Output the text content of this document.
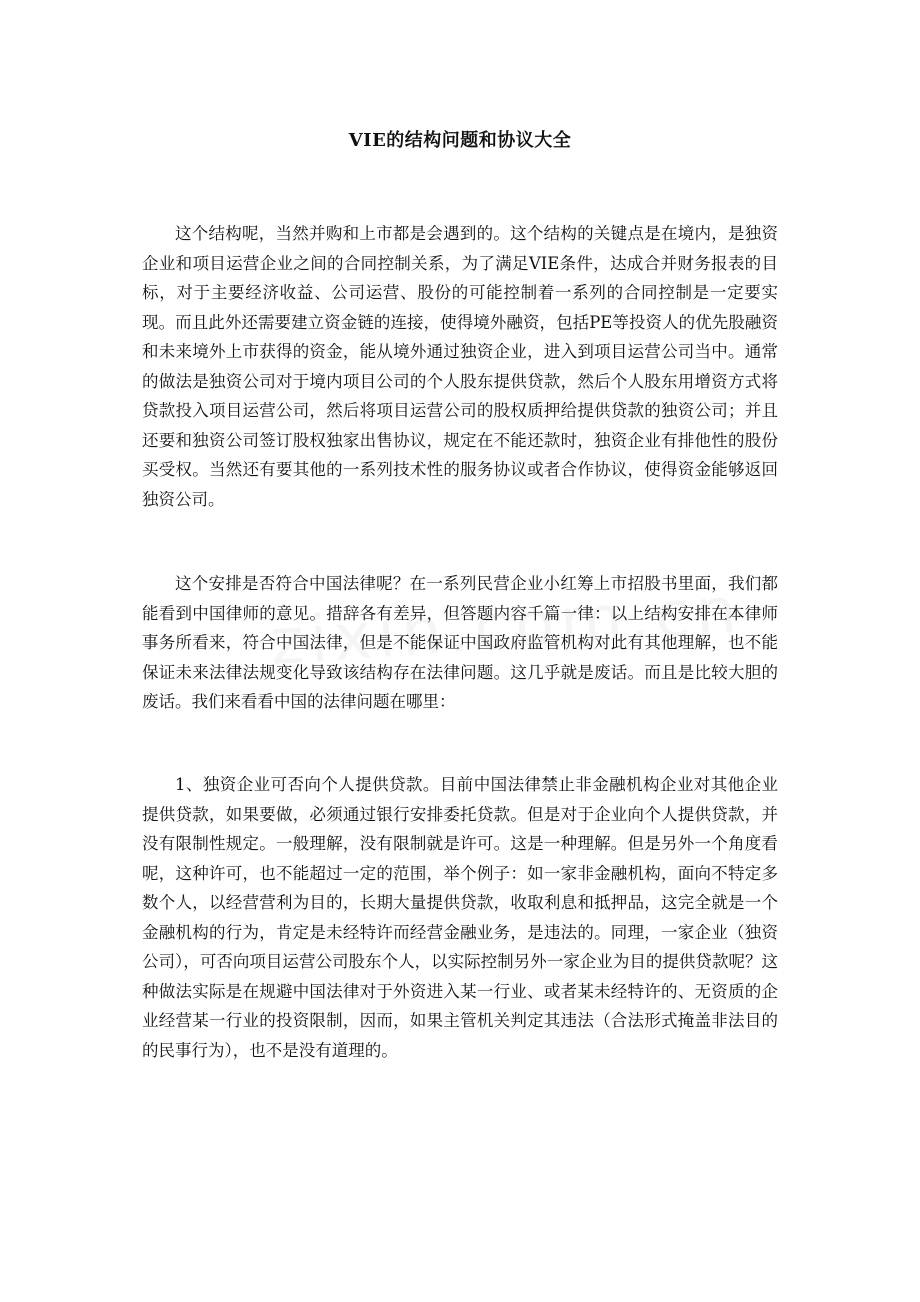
VIE的结构问题和协议大全

这个结构呢，当然并购和上市都是会遇到的。这个结构的关键点是在境内，是独资企业和项目运营企业之间的合同控制关系，为了满足VIE条件，达成合并财务报表的目标，对于主要经济收益、公司运营、股份的可能控制着一系列的合同控制是一定要实现。而且此外还需要建立资金链的连接，使得境外融资，包括PE等投资人的优先股融资和未来境外上市获得的资金，能从境外通过独资企业，进入到项目运营公司当中。通常的做法是独资公司对于境内项目公司的个人股东提供贷款，然后个人股东用增资方式将贷款投入项目运营公司，然后将项目运营公司的股权质押给提供贷款的独资公司；并且还要和独资公司签订股权独家出售协议，规定在不能还款时，独资企业有排他性的股份买受权。当然还有要其他的一系列技术性的服务协议或者合作协议，使得资金能够返回独资公司。

这个安排是否符合中国法律呢？在一系列民营企业小红筹上市招股书里面，我们都能看到中国律师的意见。措辞各有差异，但答题内容千篇一律：以上结构安排在本律师事务所看来，符合中国法律，但是不能保证中国政府监管机构对此有其他理解，也不能保证未来法律法规变化导致该结构存在法律问题。这几乎就是废话。而且是比较大胆的废话。我们来看看中国的法律问题在哪里：

1、独资企业可否向个人提供贷款。目前中国法律禁止非金融机构企业对其他企业提供贷款，如果要做，必须通过银行安排委托贷款。但是对于企业向个人提供贷款，并没有限制性规定。一般理解，没有限制就是许可。这是一种理解。但是另外一个角度看呢，这种许可，也不能超过一定的范围，举个例子：如一家非金融机构，面向不特定多数个人，以经营营利为目的，长期大量提供贷款，收取利息和抵押品，这完全就是一个金融机构的行为，肯定是未经特许而经营金融业务，是违法的。同理，一家企业（独资公司），可否向项目运营公司股东个人，以实际控制另外一家企业为目的提供贷款呢？这种做法实际是在规避中国法律对于外资进入某一行业、或者某未经特许的、无资质的企业经营某一行业的投资限制，因而，如果主管机关判定其违法（合法形式掩盖非法目的的民事行为），也不是没有道理的。
